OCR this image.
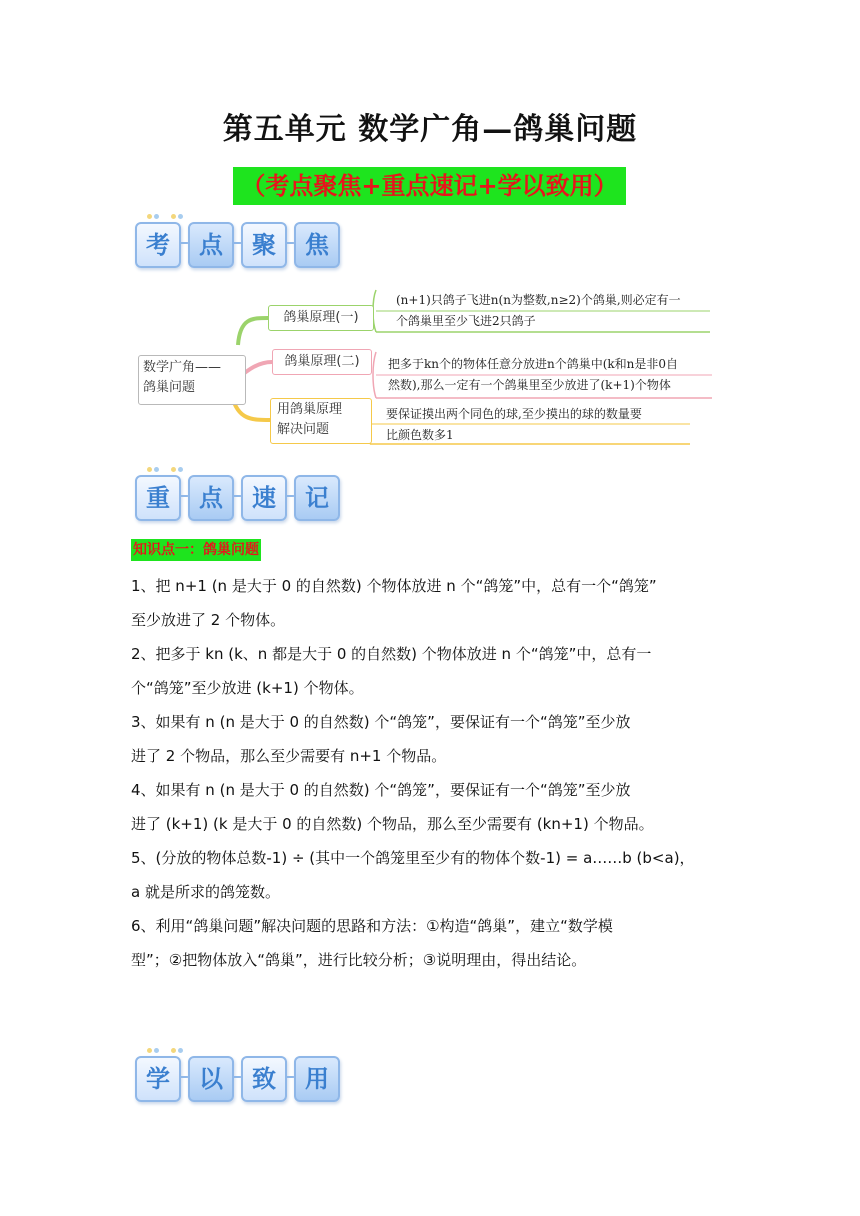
第五单元 数学广角—鸽巢问题
（考点聚焦+重点速记+学以致用）
考	点	聚	焦
数学广角——
鸽巢问题
鸽巢原理(一)
鸽巢原理(二)
用鸽巢原理
解决问题
(n+1)只鸽子飞进n(n为整数,n≥2)个鸽巢,则必定有一
个鸽巢里至少飞进2只鸽子
把多于kn个的物体任意分放进n个鸽巢中(k和n是非0自
然数),那么一定有一个鸽巢里至少放进了(k+1)个物体
要保证摸出两个同色的球,至少摸出的球的数量要
比颜色数多1
重	点	速	记
知识点一：鸽巢问题
1、把 n+1 (n 是大于 0 的自然数) 个物体放进 n 个“鸽笼”中，总有一个“鸽笼”
至少放进了 2 个物体。
2、把多于 kn (k、n 都是大于 0 的自然数) 个物体放进 n 个“鸽笼”中，总有一
个“鸽笼”至少放进 (k+1) 个物体。
3、如果有 n (n 是大于 0 的自然数) 个“鸽笼”，要保证有一个“鸽笼”至少放
进了 2 个物品，那么至少需要有 n+1 个物品。
4、如果有 n (n 是大于 0 的自然数) 个“鸽笼”，要保证有一个“鸽笼”至少放
进了 (k+1) (k 是大于 0 的自然数) 个物品，那么至少需要有 (kn+1) 个物品。
5、(分放的物体总数-1) ÷ (其中一个鸽笼里至少有的物体个数-1) = a……b (b<a)，
a 就是所求的鸽笼数。
6、利用“鸽巢问题”解决问题的思路和方法：①构造“鸽巢”，建立“数学模
型”；②把物体放入“鸽巢”，进行比较分析；③说明理由，得出结论。
学	以	致	用
